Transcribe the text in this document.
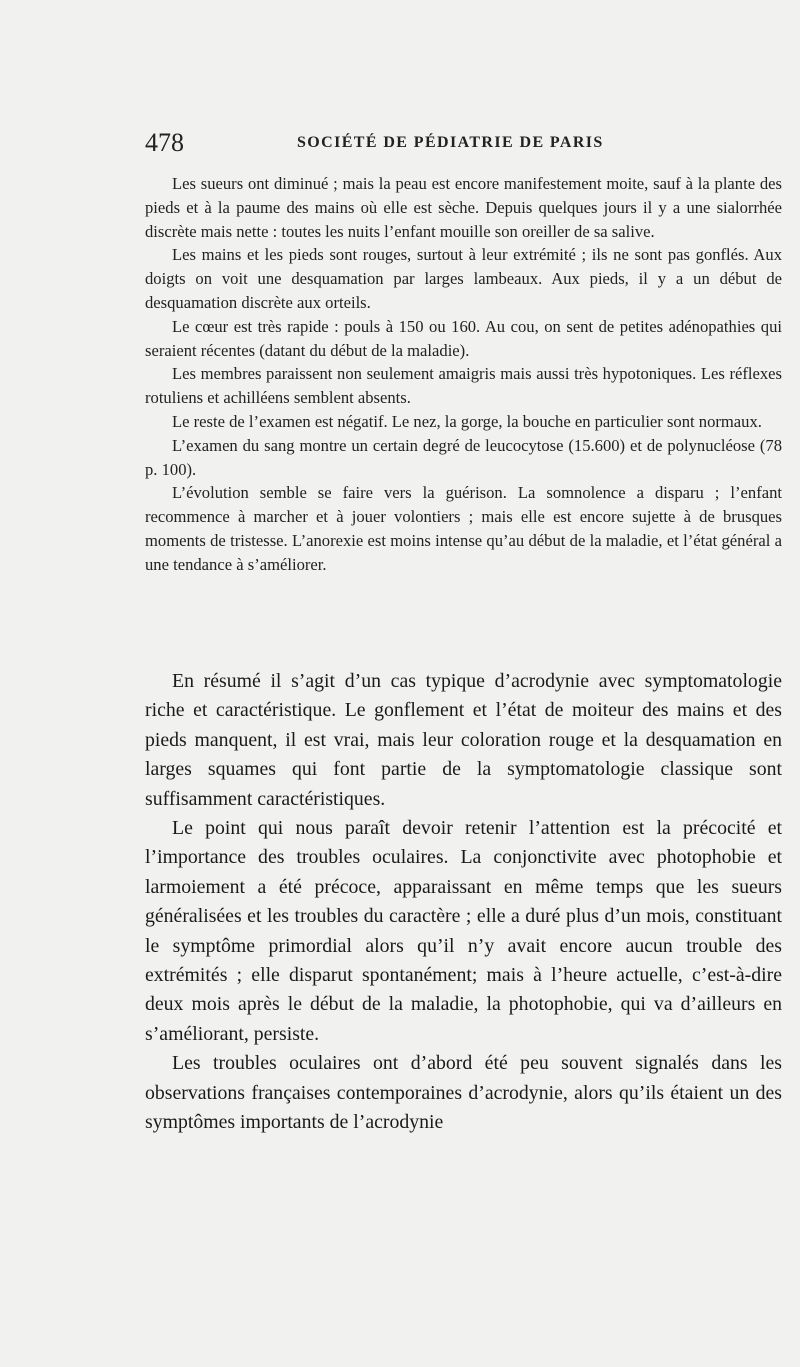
478	SOCIÉTÉ DE PÉDIATRIE DE PARIS

Les sueurs ont diminué ; mais la peau est encore manifestement moite, sauf à la plante des pieds et à la paume des mains où elle est sèche. Depuis quelques jours il y a une sialorrhée discrète mais nette : toutes les nuits l’enfant mouille son oreiller de sa salive.

Les mains et les pieds sont rouges, surtout à leur extrémité ; ils ne sont pas gonflés. Aux doigts on voit une desquamation par larges lambeaux. Aux pieds, il y a un début de desquamation discrète aux orteils.

Le cœur est très rapide : pouls à 150 ou 160. Au cou, on sent de petites adénopathies qui seraient récentes (datant du début de la maladie).

Les membres paraissent non seulement amaigris mais aussi très hypotoniques. Les réflexes rotuliens et achilléens semblent absents.

Le reste de l’examen est négatif. Le nez, la gorge, la bouche en particulier sont normaux.

L’examen du sang montre un certain degré de leucocytose (15.600) et de polynucléose (78 p. 100).

L’évolution semble se faire vers la guérison. La somnolence a disparu ; l’enfant recommence à marcher et à jouer volontiers ; mais elle est encore sujette à de brusques moments de tristesse. L’anorexie est moins intense qu’au début de la maladie, et l’état général a une tendance à s’améliorer.

En résumé il s’agit d’un cas typique d’acrodynie avec symptomatologie riche et caractéristique. Le gonflement et l’état de moiteur des mains et des pieds manquent, il est vrai, mais leur coloration rouge et la desquamation en larges squames qui font partie de la symptomatologie classique sont suffisamment caractéristiques.

Le point qui nous paraît devoir retenir l’attention est la précocité et l’importance des troubles oculaires. La conjonctivite avec photophobie et larmoiement a été précoce, apparaissant en même temps que les sueurs généralisées et les troubles du caractère ; elle a duré plus d’un mois, constituant le symptôme primordial alors qu’il n’y avait encore aucun trouble des extrémités ; elle disparut spontanément; mais à l’heure actuelle, c’est-à-dire deux mois après le début de la maladie, la photophobie, qui va d’ailleurs en s’améliorant, persiste.

Les troubles oculaires ont d’abord été peu souvent signalés dans les observations françaises contemporaines d’acrodynie, alors qu’ils étaient un des symptômes importants de l’acrodynie
